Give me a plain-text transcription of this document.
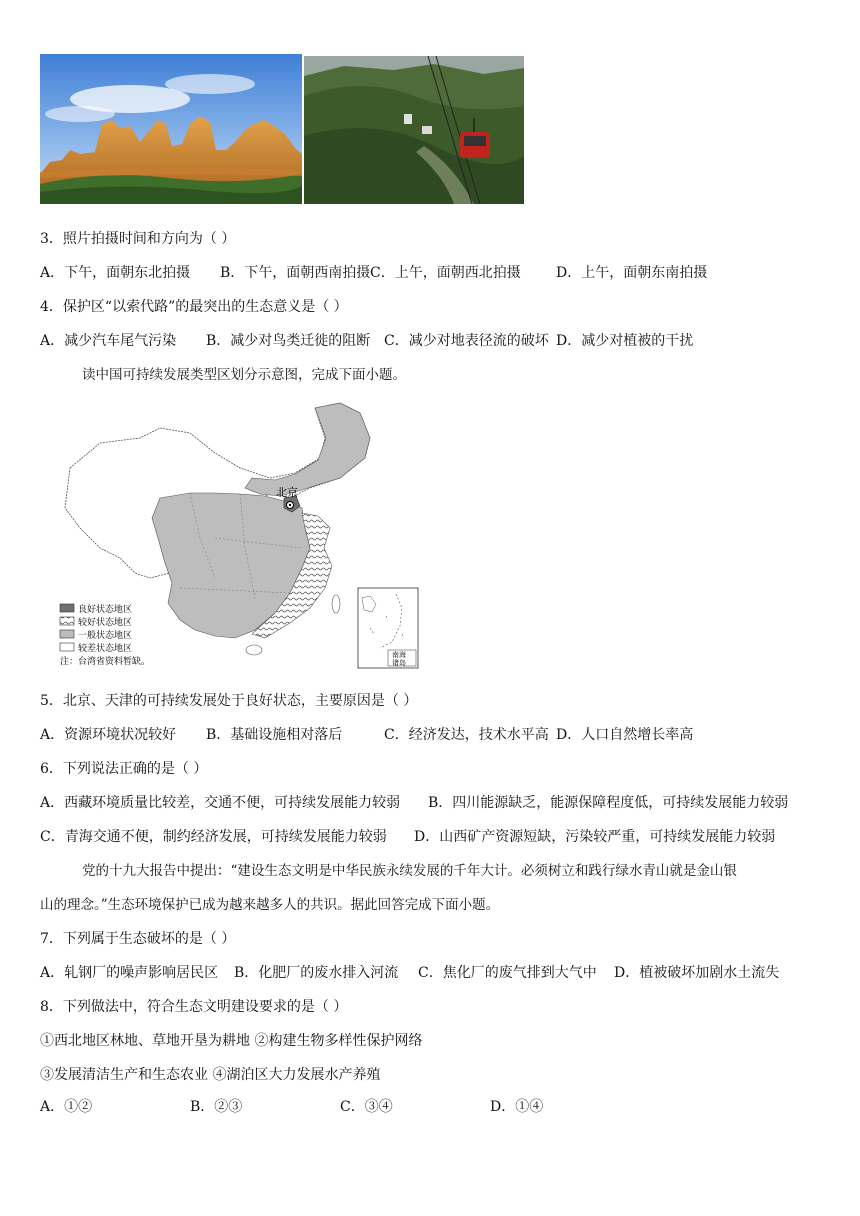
3．照片拍摄时间和方向为（ ）
A．下午，面朝东北拍摄 B．下午，面朝西南拍摄 C．上午，面朝西北拍摄	D．上午，面朝东南拍摄
4．保护区“以索代路”的最突出的生态意义是（ ）
A．减少汽车尾气污染 B．减少对鸟类迁徙的阻断 C．减少对地表径流的破坏 D．减少对植被的干扰
读中国可持续发展类型区划分示意图，完成下面小题。
北京
良好状态地区
较好状态地区
一般状态地区
较差状态地区
注：台湾省资料暂缺。
南海
诸岛
5．北京、天津的可持续发展处于良好状态，主要原因是（ ）
A．资源环境状况较好 B．基础设施相对落后	C．经济发达，技术水平高 D．人口自然增长率高
6．下列说法正确的是（ ）
A．西藏环境质量比较差，交通不便，可持续发展能力较弱 B．四川能源缺乏，能源保障程度低，可持续发展能力较弱
C．青海交通不便，制约经济发展，可持续发展能力较弱 D．山西矿产资源短缺，污染较严重，可持续发展能力较弱
党的十九大报告中提出：“建设生态文明是中华民族永续发展的千年大计。必须树立和践行绿水青山就是金山银
山的理念。”生态环境保护已成为越来越多人的共识。据此回答完成下面小题。
7．下列属于生态破坏的是（ ）
A．轧钢厂的噪声影响居民区 B．化肥厂的废水排入河流 C．焦化厂的废气排到大气中 D．植被破坏加剧水土流失
8．下列做法中，符合生态文明建设要求的是（ ）
①西北地区林地、草地开垦为耕地 ②构建生物多样性保护网络
③发展清洁生产和生态农业 ④湖泊区大力发展水产养殖
A．①②	B．②③	C．③④	D．①④
